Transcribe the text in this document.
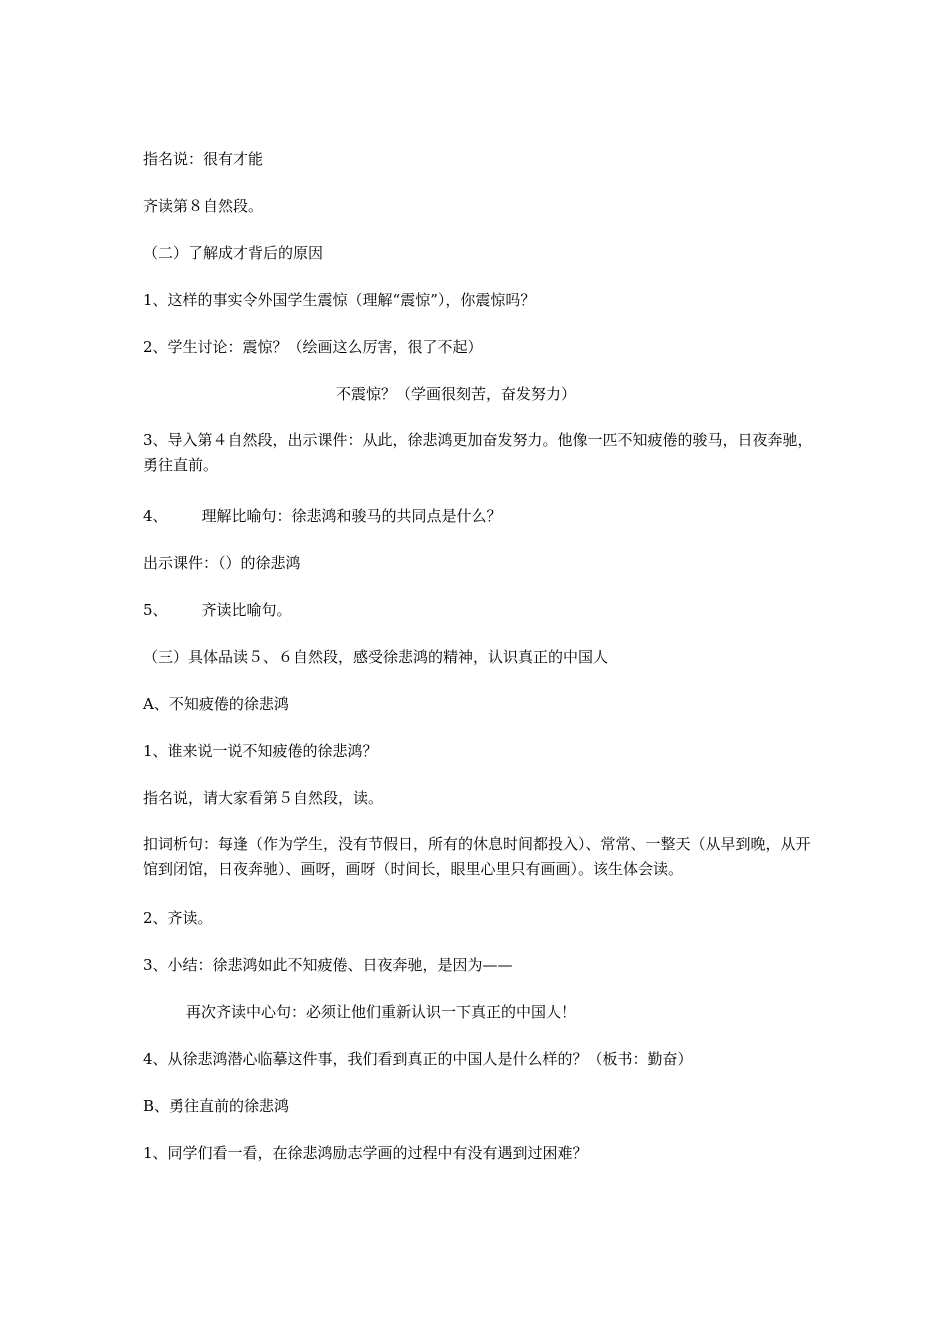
指名说：很有才能
齐读第８自然段。
（二）了解成才背后的原因
1、这样的事实令外国学生震惊（理解“震惊”），你震惊吗？
2、学生讨论：震惊？（绘画这么厉害，很了不起）
不震惊？（学画很刻苦，奋发努力）
3、导入第４自然段，出示课件：从此，徐悲鸿更加奋发努力。他像一匹不知疲倦的骏马，日夜奔驰，勇往直前。
4、 理解比喻句：徐悲鸿和骏马的共同点是什么？
出示课件：（）的徐悲鸿
5、 齐读比喻句。
（三）具体品读５、６自然段，感受徐悲鸿的精神，认识真正的中国人
A、不知疲倦的徐悲鸿
1、谁来说一说不知疲倦的徐悲鸿？
指名说，请大家看第５自然段，读。
扣词析句：每逢（作为学生，没有节假日，所有的休息时间都投入）、常常、一整天（从早到晚，从开馆到闭馆，日夜奔驰）、画呀，画呀（时间长，眼里心里只有画画）。该生体会读。
2、齐读。
3、小结：徐悲鸿如此不知疲倦、日夜奔驰，是因为——
再次齐读中心句：必须让他们重新认识一下真正的中国人！
4、从徐悲鸿潜心临摹这件事，我们看到真正的中国人是什么样的？（板书：勤奋）
B、勇往直前的徐悲鸿
1、同学们看一看，在徐悲鸿励志学画的过程中有没有遇到过困难？
